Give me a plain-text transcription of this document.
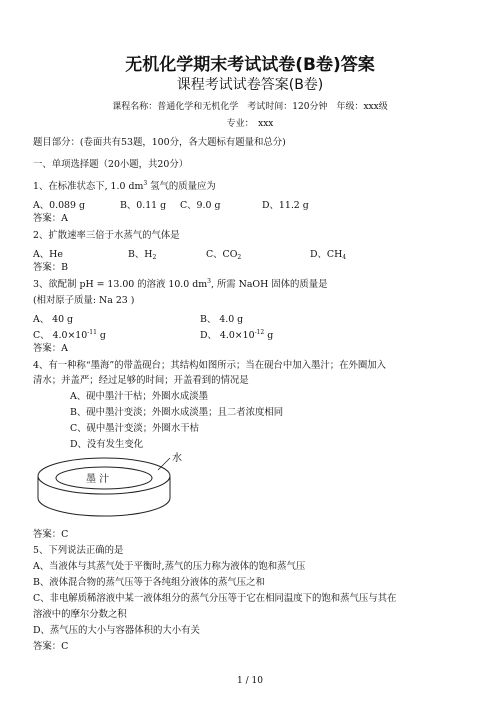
无机化学期末考试试卷(B卷)答案
课程考试试卷答案(B卷)
课程名称：普通化学和无机化学　考试时间：120分钟　年级：xxx级
专业：　xxx
题目部分：(卷面共有53题，100分，各大题标有题量和总分)
一、单项选择题（20小题，共20分）
1、在标准状态下, 1.0 $dm^3$ 氢气的质量应为
A、0.089 g	B、0.11 g C、9.0 g	D、11.2 g
答案：A
2、扩散速率三倍于水蒸气的气体是
A、He	B、$H_2$	C、$CO_2$	D、$CH_4$
答案：B
3、欲配制 pH = 13.00 的溶液 10.0 $dm^3$, 所需 NaOH 固体的质量是
(相对原子质量: Na 23 )
A、 40 g	B、 4.0 g
C、 $4.0\times 10^{-11}$ g	D、 $4.0\times 10^{-12}$ g
答案：A
4、有一种称“墨海”的带盖砚台；其结构如图所示；当在砚台中加入墨汁；在外圈加入
清水；并盖严；经过足够的时间；开盖看到的情况是
A、砚中墨汁干枯；外圈水成淡墨
B、砚中墨汁变淡；外圈水成淡墨；且二者浓度相同
C、砚中墨汁变淡；外圈水干枯
D、没有发生变化
水
墨 汁
答案：C
5、下列说法正确的是
A、当液体与其蒸气处于平衡时,蒸气的压力称为液体的饱和蒸气压
B、液体混合物的蒸气压等于各纯组分液体的蒸气压之和
C、非电解质稀溶液中某一液体组分的蒸气分压等于它在相同温度下的饱和蒸气压与其在
溶液中的摩尔分数之积
D、蒸气压的大小与容器体积的大小有关
答案：C
1 / 10
